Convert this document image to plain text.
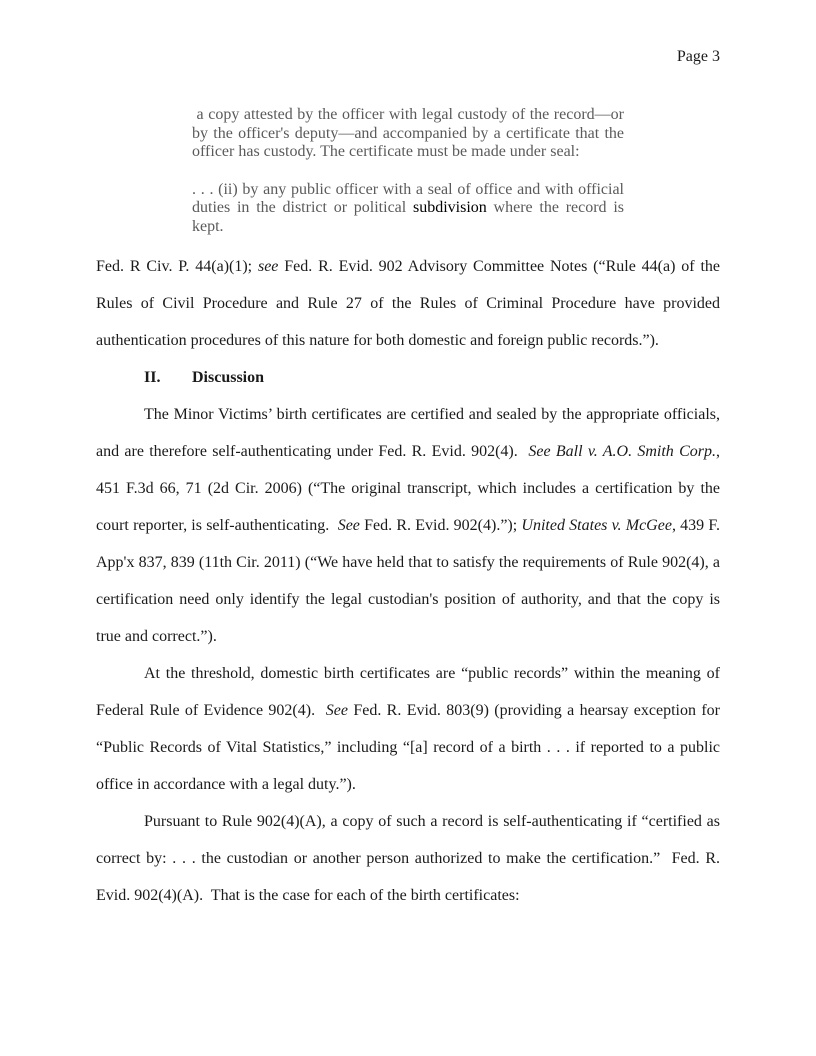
Page 3
a copy attested by the officer with legal custody of the record—or by the officer's deputy—and accompanied by a certificate that the officer has custody. The certificate must be made under seal:
. . . (ii) by any public officer with a seal of office and with official duties in the district or political subdivision where the record is kept.

Fed. R Civ. P. 44(a)(1); see Fed. R. Evid. 902 Advisory Committee Notes (“Rule 44(a) of the Rules of Civil Procedure and Rule 27 of the Rules of Criminal Procedure have provided authentication procedures of this nature for both domestic and foreign public records.”).

II. Discussion

The Minor Victims’ birth certificates are certified and sealed by the appropriate officials, and are therefore self-authenticating under Fed. R. Evid. 902(4).  See Ball v. A.O. Smith Corp., 451 F.3d 66, 71 (2d Cir. 2006) (“The original transcript, which includes a certification by the court reporter, is self-authenticating.  See Fed. R. Evid. 902(4).”); United States v. McGee, 439 F. App'x 837, 839 (11th Cir. 2011) (“We have held that to satisfy the requirements of Rule 902(4), a certification need only identify the legal custodian's position of authority, and that the copy is true and correct.”).

At the threshold, domestic birth certificates are “public records” within the meaning of Federal Rule of Evidence 902(4).  See Fed. R. Evid. 803(9) (providing a hearsay exception for “Public Records of Vital Statistics,” including “[a] record of a birth . . . if reported to a public office in accordance with a legal duty.”).

Pursuant to Rule 902(4)(A), a copy of such a record is self-authenticating if “certified as correct by: . . . the custodian or another person authorized to make the certification.”  Fed. R. Evid. 902(4)(A).  That is the case for each of the birth certificates:
